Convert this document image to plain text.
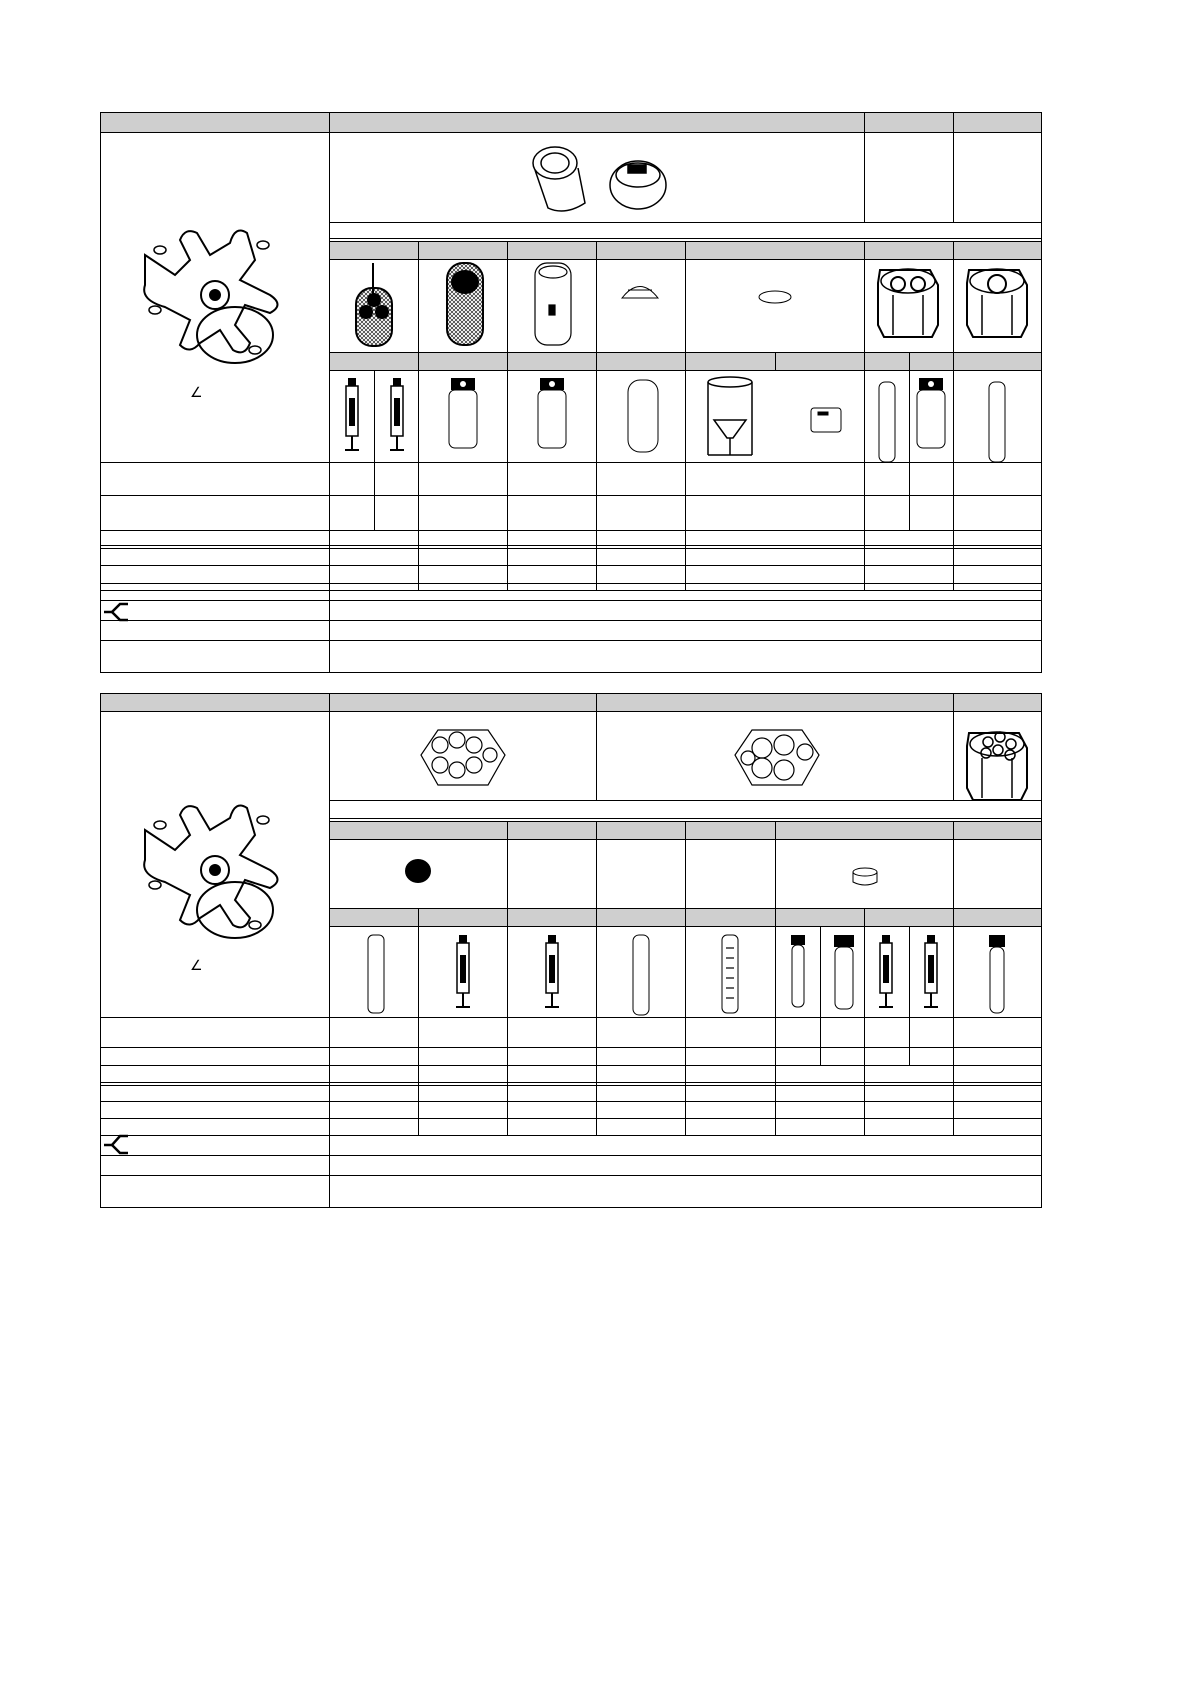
∠
∠
